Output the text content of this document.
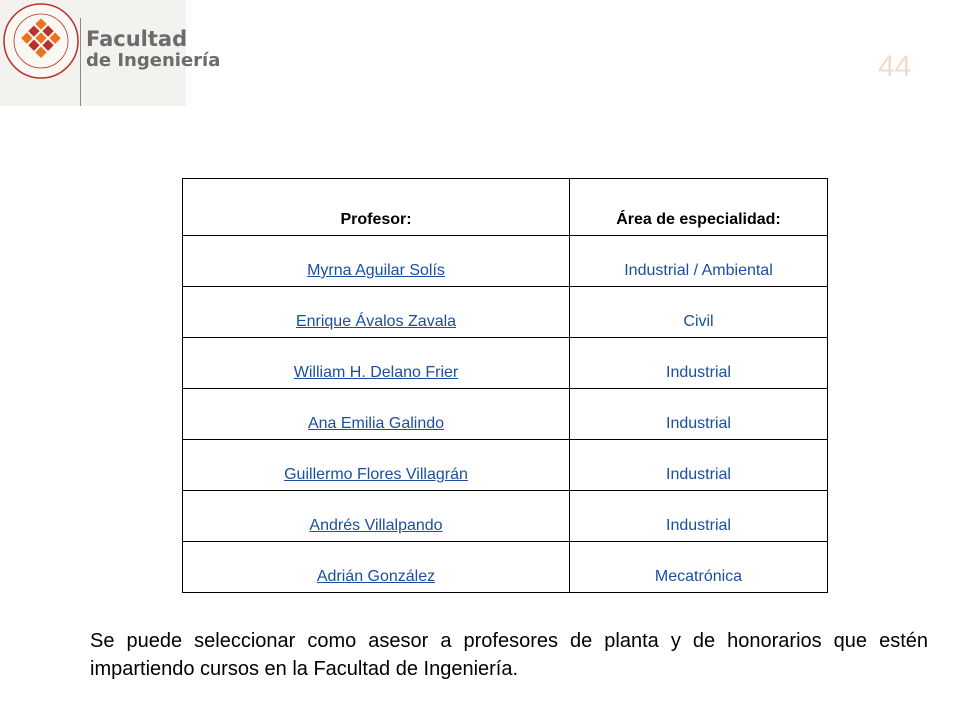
Facultad
de Ingeniería	44
Profesor:	Área de especialidad:
Myrna Aguilar Solís	Industrial / Ambiental
Enrique Ávalos Zavala	Civil
William H. Delano Frier	Industrial
Ana Emilia Galindo	Industrial
Guillermo Flores Villagrán	Industrial
Andrés Villalpando	Industrial
Adrián González	Mecatrónica

Se puede seleccionar como asesor a profesores de planta y de honorarios que estén impartiendo cursos en la Facultad de Ingeniería.
